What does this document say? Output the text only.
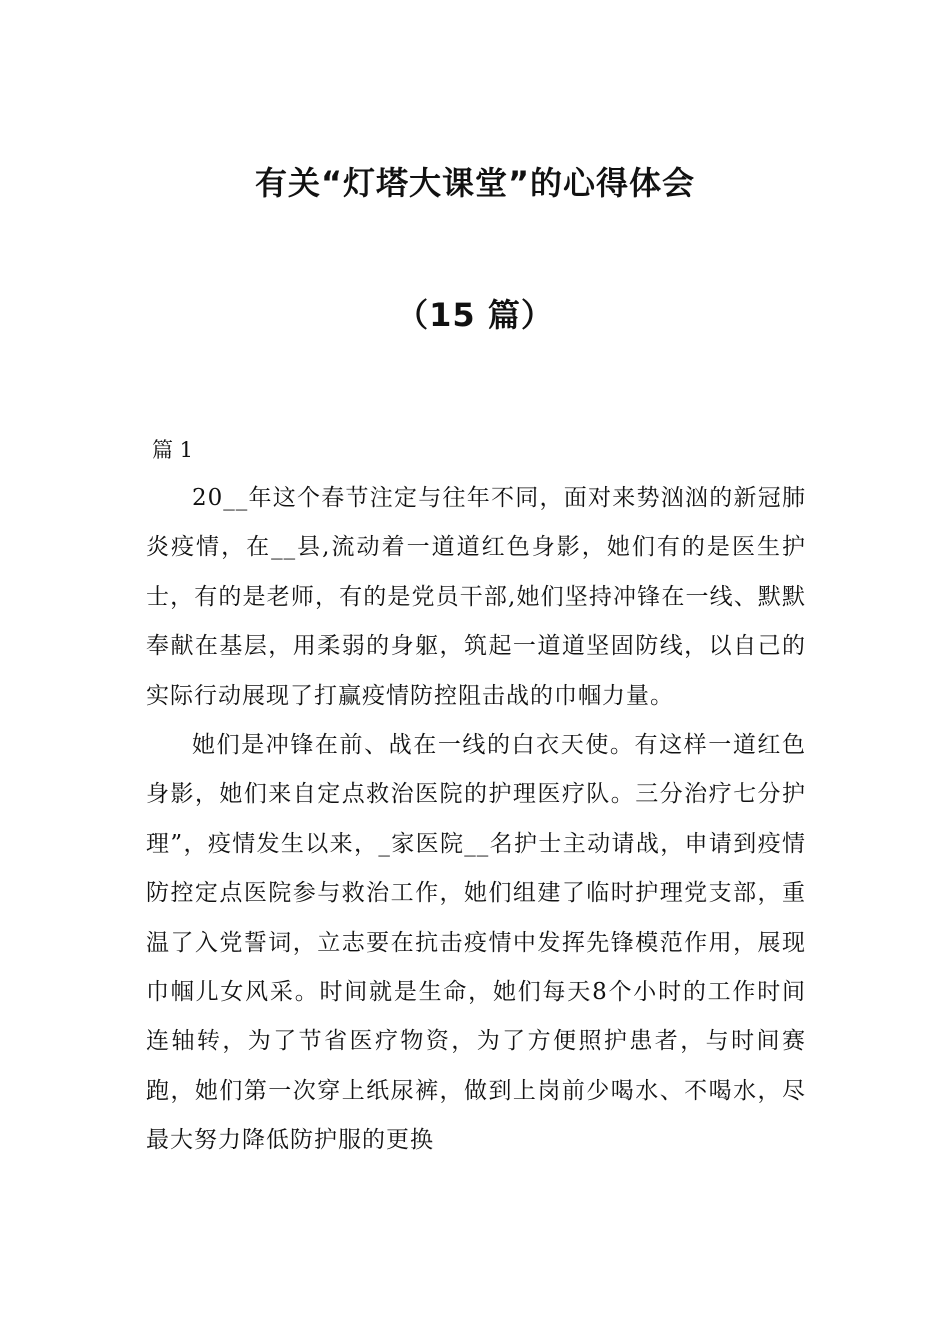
有关“灯塔大课堂”的心得体会
（15 篇）
篇 1

20__年这个春节注定与往年不同，面对来势汹汹的新冠肺炎疫情，在__县,流动着一道道红色身影，她们有的是医生护士，有的是老师，有的是党员干部,她们坚持冲锋在一线、默默奉献在基层，用柔弱的身躯，筑起一道道坚固防线，以自己的实际行动展现了打赢疫情防控阻击战的巾帼力量。

她们是冲锋在前、战在一线的白衣天使。有这样一道红色身影，她们来自定点救治医院的护理医疗队。三分治疗七分护理”，疫情发生以来，_家医院__名护士主动请战，申请到疫情防控定点医院参与救治工作，她们组建了临时护理党支部，重温了入党誓词，立志要在抗击疫情中发挥先锋模范作用，展现巾帼儿女风采。时间就是生命，她们每天8个小时的工作时间连轴转，为了节省医疗物资，为了方便照护患者，与时间赛跑，她们第一次穿上纸尿裤，做到上岗前少喝水、不喝水，尽最大努力降低防护服的更换
